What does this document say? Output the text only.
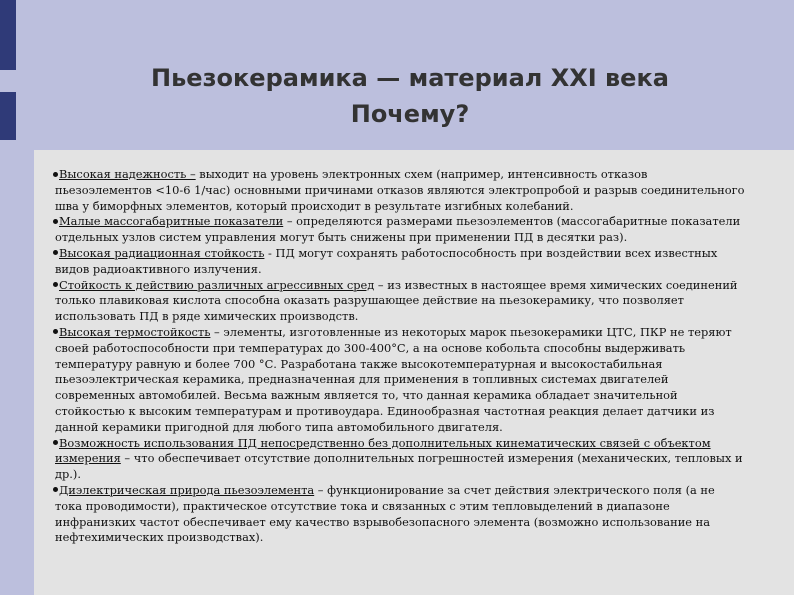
Пьезокерамика — материал XXI века
Почему?

Высокая надежность – выходит на уровень электронных схем (например, интенсивность отказов пьезоэлементов <10-6 1/час) основными причинами отказов являются электропробой и разрыв соединительного шва у биморфных элементов, который происходит в результате изгибных колебаний.

Малые массогабаритные показатели – определяются размерами пьезоэлементов (массогабаритные показатели отдельных узлов систем управления могут быть снижены при применении ПД в десятки раз).

Высокая радиационная стойкость - ПД могут сохранять работоспособность при воздействии всех известных видов радиоактивного излучения.

Стойкость к действию различных агрессивных сред – из известных в настоящее время химических соединений только плавиковая кислота способна оказать разрушающее действие на пьезокерамику, что позволяет использовать ПД в ряде химических производств.

Высокая термостойкость – элементы, изготовленные из некоторых марок пьезокерамики ЦТС, ПКР не теряют своей работоспособности при температурах до 300-400°С, а на основе кобольта способны выдерживать температуру равную и более 700 °С. Разработана также высокотемпературная и высокостабильная пьезоэлектрическая керамика, предназначенная для применения в топливных системах двигателей современных автомобилей. Весьма важным является то, что данная керамика обладает значительной стойкостью к высоким температурам и противоудара. Единообразная частотная реакция делает датчики из данной керамики пригодной для любого типа автомобильного двигателя.

Возможность использования ПД непосредственно без дополнительных кинематических связей с объектом измерения – что обеспечивает отсутствие дополнительных погрешностей измерения (механических, тепловых и др.).

Диэлектрическая природа пьезоэлемента – функционирование за счет действия электрического поля (а не тока проводимости), практическое отсутствие тока и связанных с этим тепловыделений в диапазоне инфранизких частот обеспечивает ему качество взрывобезопасного элемента (возможно использование на нефтехимических производствах).
